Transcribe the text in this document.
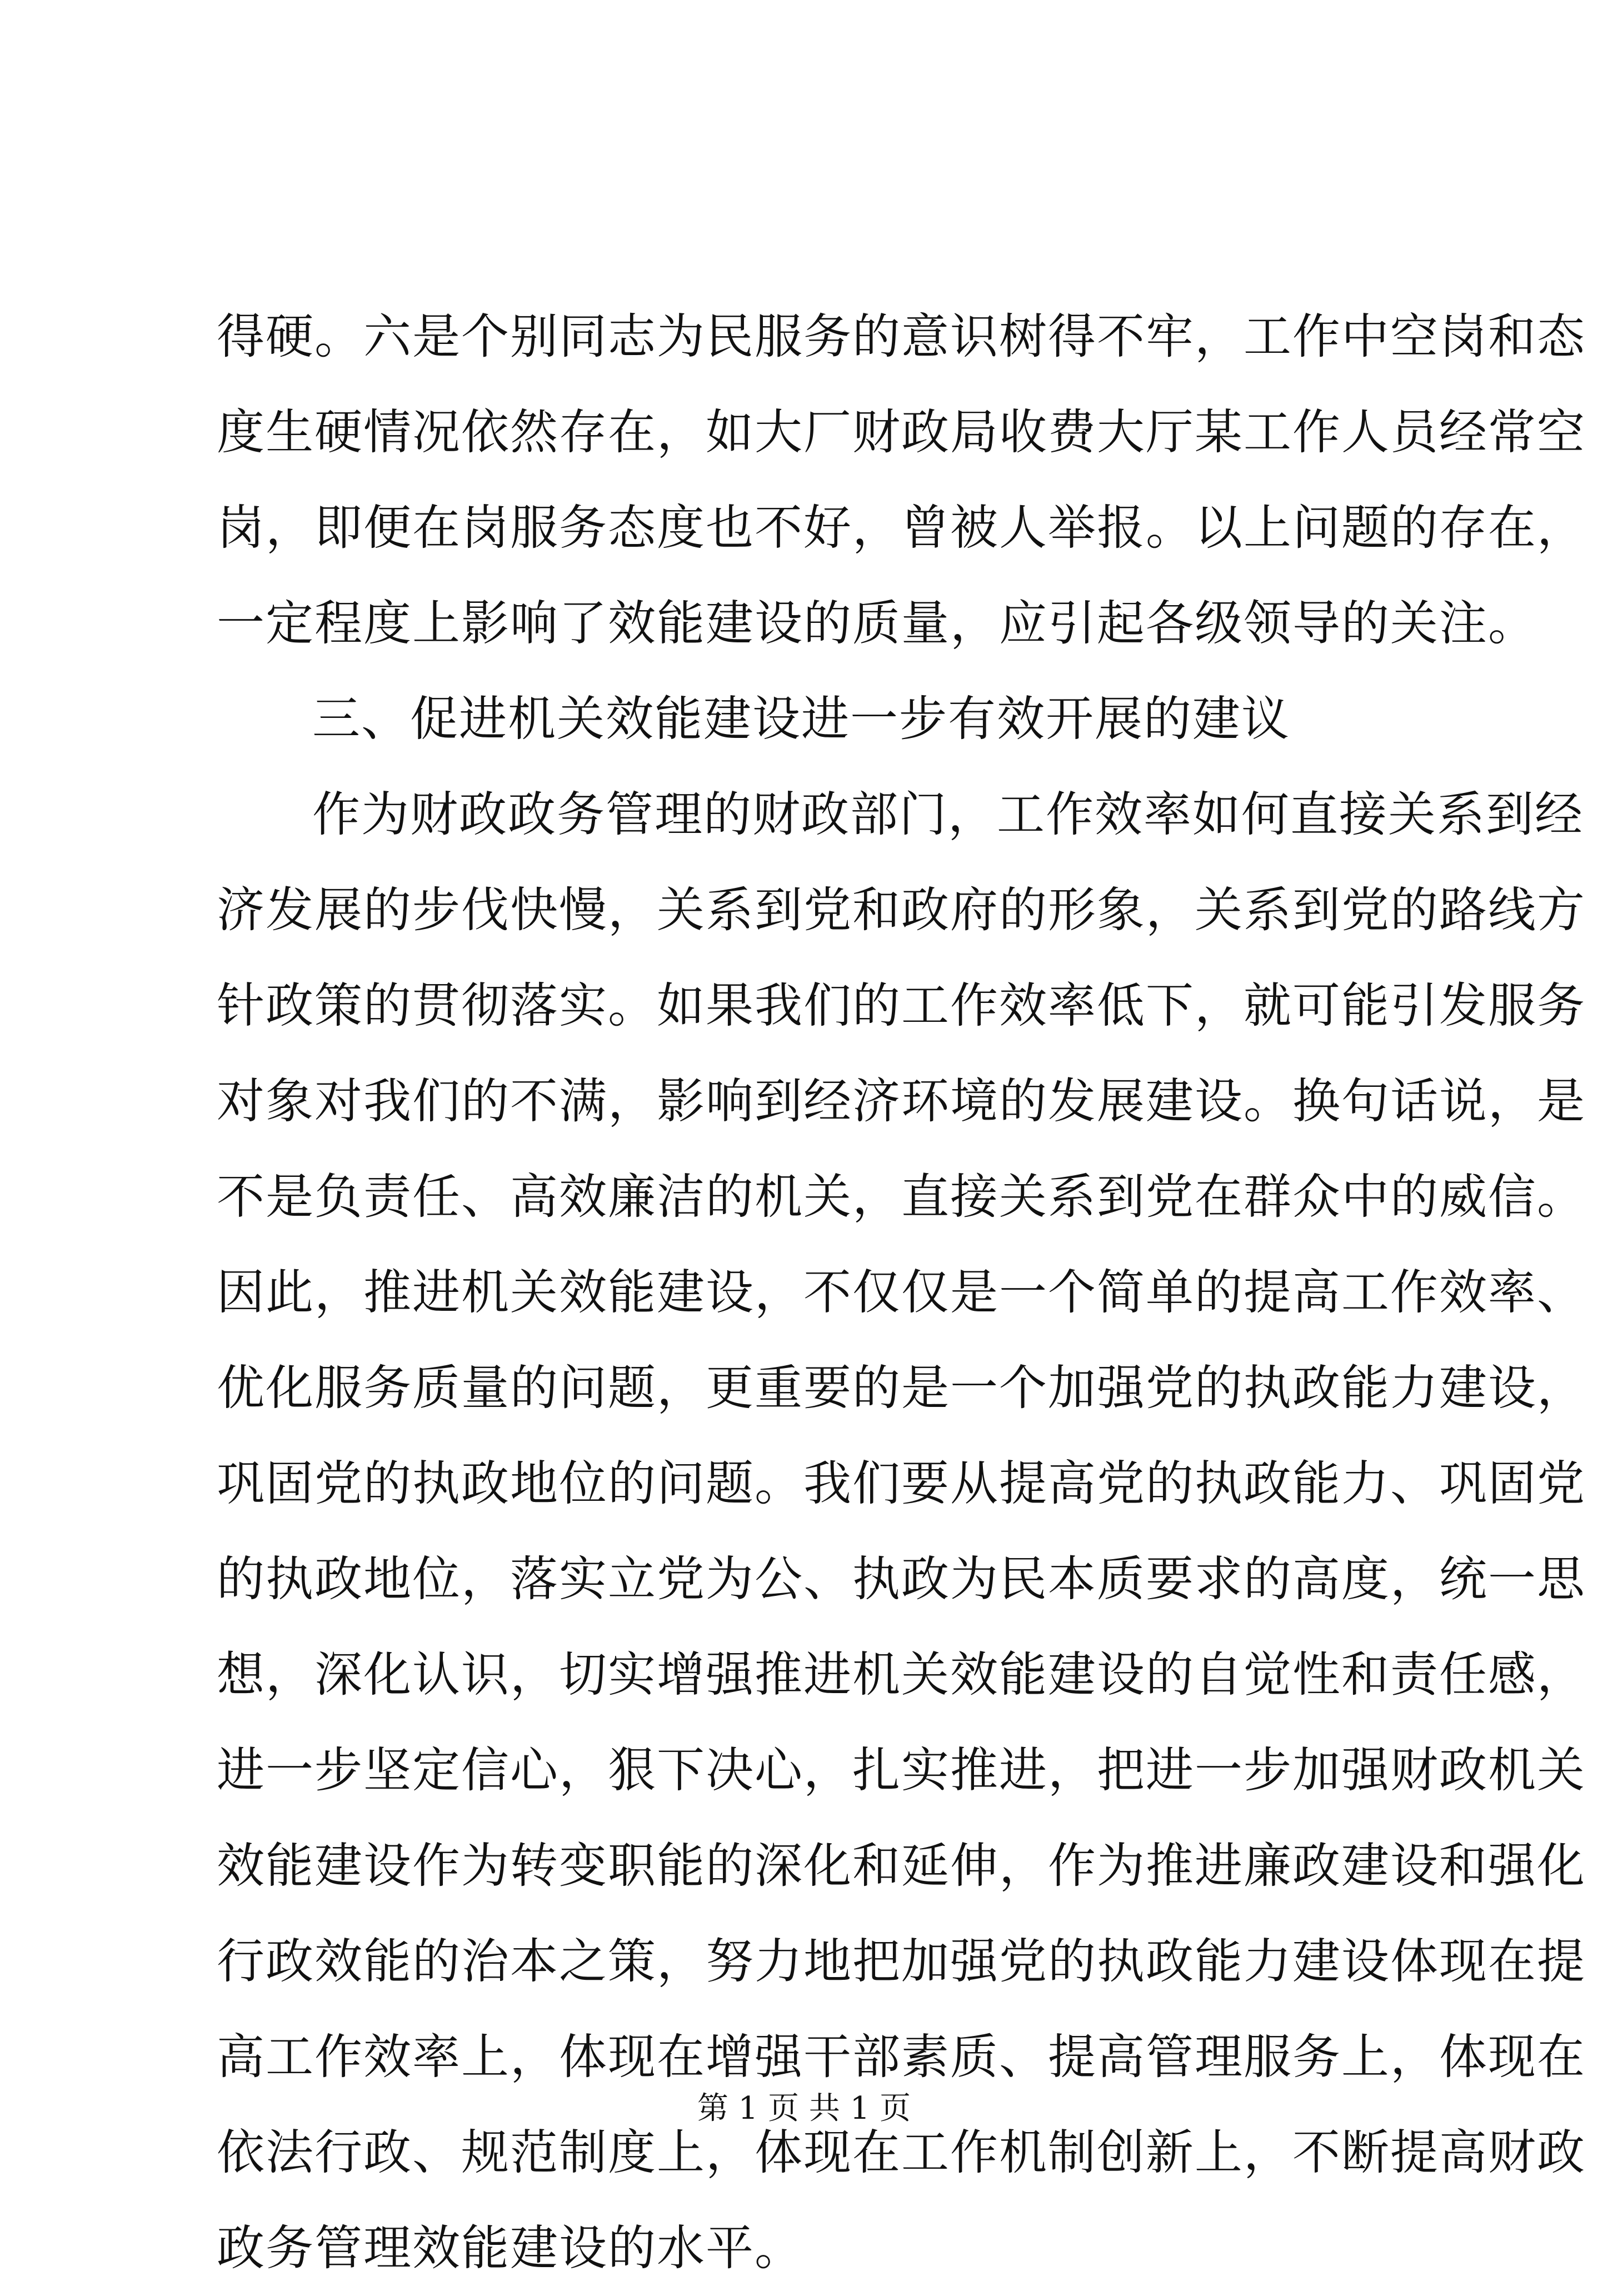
得硬。六是个别同志为民服务的意识树得不牢，工作中空岗和态
度生硬情况依然存在，如大厂财政局收费大厅某工作人员经常空
岗，即便在岗服务态度也不好，曾被人举报。以上问题的存在，
一定程度上影响了效能建设的质量，应引起各级领导的关注。
三、促进机关效能建设进一步有效开展的建议
作为财政政务管理的财政部门，工作效率如何直接关系到经
济发展的步伐快慢，关系到党和政府的形象，关系到党的路线方
针政策的贯彻落实。如果我们的工作效率低下，就可能引发服务
对象对我们的不满，影响到经济环境的发展建设。换句话说，是
不是负责任、高效廉洁的机关，直接关系到党在群众中的威信。
因此，推进机关效能建设，不仅仅是一个简单的提高工作效率、
优化服务质量的问题，更重要的是一个加强党的执政能力建设，
巩固党的执政地位的问题。我们要从提高党的执政能力、巩固党
的执政地位，落实立党为公、执政为民本质要求的高度，统一思
想，深化认识，切实增强推进机关效能建设的自觉性和责任感，
进一步坚定信心，狠下决心，扎实推进，把进一步加强财政机关
效能建设作为转变职能的深化和延伸，作为推进廉政建设和强化
行政效能的治本之策，努力地把加强党的执政能力建设体现在提
高工作效率上，体现在增强干部素质、提高管理服务上，体现在
依法行政、规范制度上，体现在工作机制创新上，不断提高财政
政务管理效能建设的水平。
第 1 页 共 1 页
